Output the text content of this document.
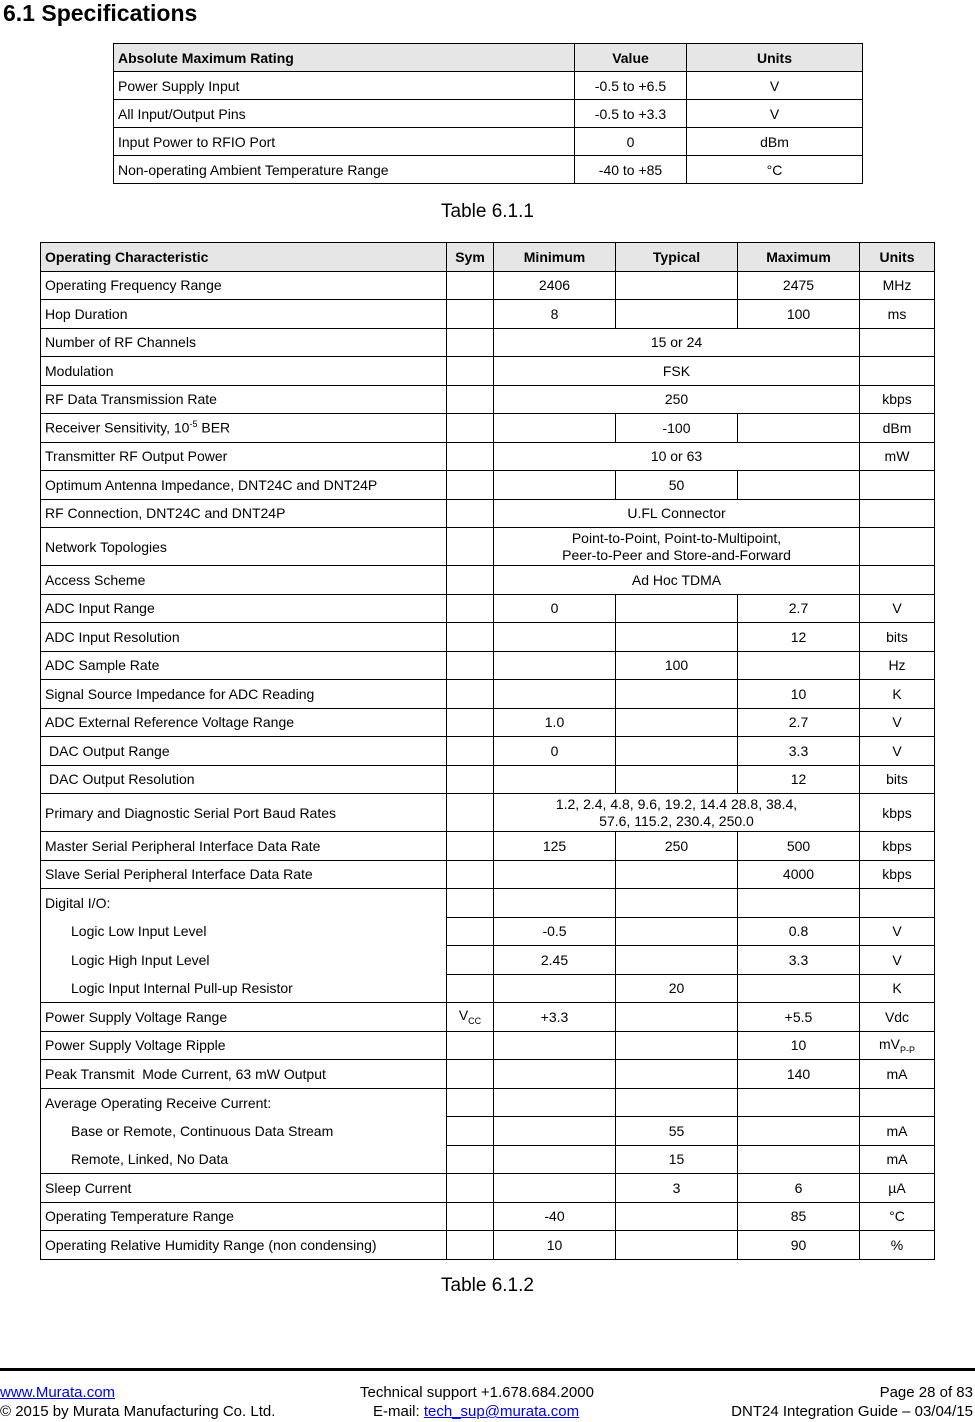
6.1 Specifications
Absolute Maximum Rating	Value	Units
Power Supply Input	-0.5 to +6.5	V
All Input/Output Pins	-0.5 to +3.3	V
Input Power to RFIO Port	0	dBm
Non-operating Ambient Temperature Range	-40 to +85	°C
Table 6.1.1
Operating Characteristic	Sym	Minimum	Typical	Maximum	Units
Operating Frequency Range		2406		2475	MHz
Hop Duration		8		100	ms
Number of RF Channels		15 or 24			
Modulation		FSK			
RF Data Transmission Rate		250			kbps
Receiver Sensitivity, $10^{-5}$ BER			-100		dBm
Transmitter RF Output Power		10 or 63			mW
Optimum Antenna Impedance, DNT24C and DNT24P			50		
RF Connection, DNT24C and DNT24P		U.FL Connector			
Network Topologies		Point-to-Point, Point-to-Multipoint,
Peer-to-Peer and Store-and-Forward			

Access Scheme		Ad Hoc TDMA			
ADC Input Range		0		2.7	V
ADC Input Resolution				12	bits
ADC Sample Rate			100		Hz
Signal Source Impedance for ADC Reading				10	K
ADC External Reference Voltage Range		1.0		2.7	V
DAC Output Range		0		3.3	V
DAC Output Resolution				12	bits
Primary and Diagnostic Serial Port Baud Rates		1.2, 2.4, 4.8, 9.6, 19.2, 14.4 28.8, 38.4,
57.6, 115.2, 230.4, 250.0			kbps
Master Serial Peripheral Interface Data Rate		125	250	500	kbps
Slave Serial Peripheral Interface Data Rate				4000	kbps
Digital I/O:					
Logic Low Input Level		-0.5		0.8	V
Logic High Input Level		2.45		3.3	V
Logic Input Internal Pull-up Resistor			20		K
Power Supply Voltage Range	$V_{CC}$	+3.3		+5.5	Vdc
Power Supply Voltage Ripple				10	$mV_{P-P}$
Peak Transmit  Mode Current, 63 mW Output				140	mA
Average Operating Receive Current:					
Base or Remote, Continuous Data Stream			55		mA
Remote, Linked, No Data			15		mA
Sleep Current			3	6	µA
Operating Temperature Range		-40		85	°C
Operating Relative Humidity Range (non condensing)		10		90	%
Table 6.1.2
www.Murata.com
© 2015 by Murata Manufacturing Co. Ltd.
Technical support +1.678.684.2000
E-mail: tech_sup@murata.com
Page 28 of 83
DNT24 Integration Guide – 03/04/15
